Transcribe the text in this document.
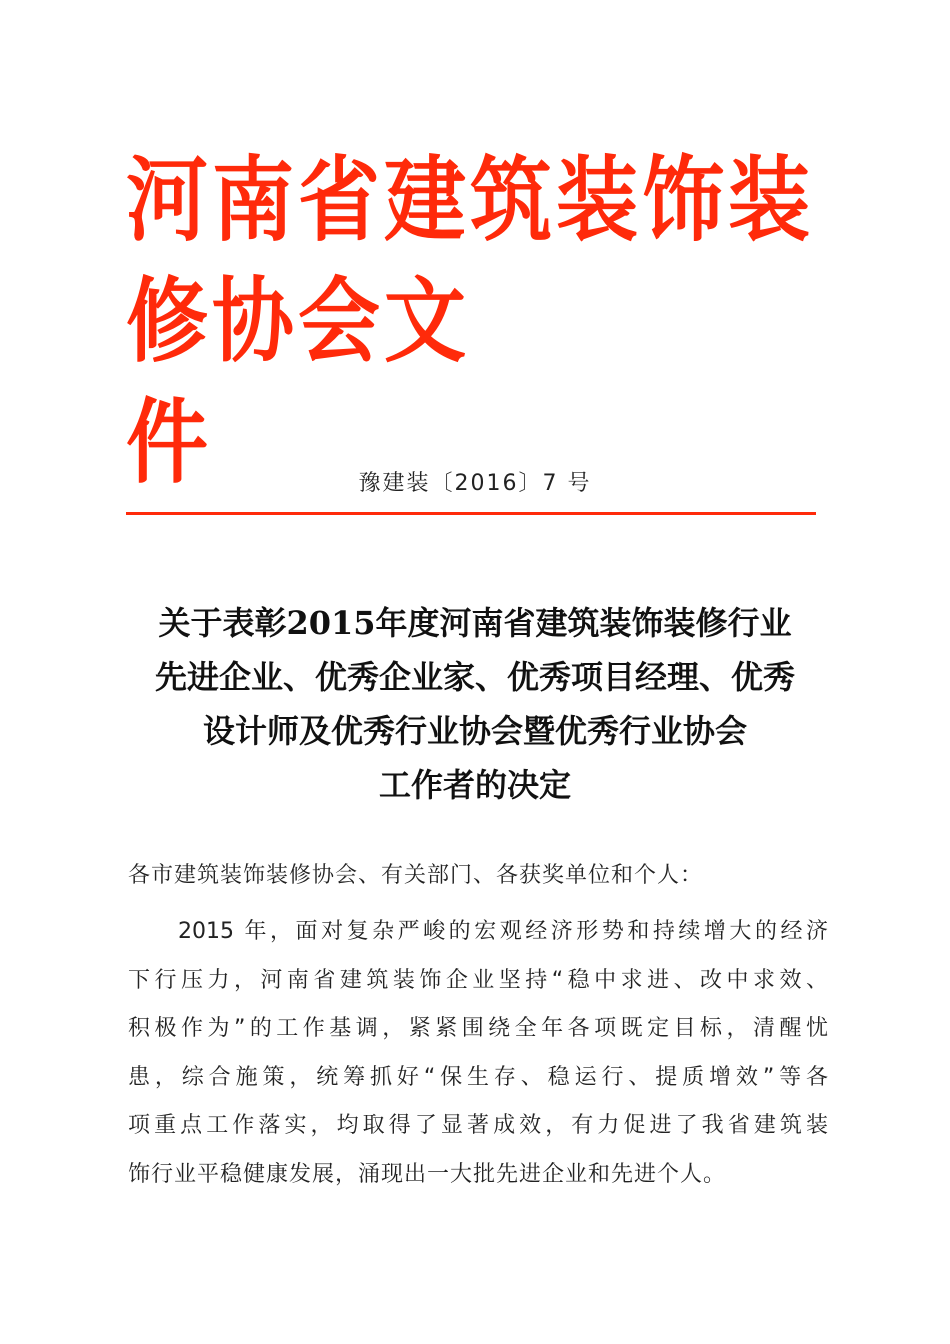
河南省建筑装饰装修协会文
件	豫建装〔2016〕7 号
关于表彰2015年度河南省建筑装饰装修行业
先进企业、优秀企业家、优秀项目经理、优秀
设计师及优秀行业协会暨优秀行业协会
工作者的决定
各市建筑装饰装修协会、有关部门、各获奖单位和个人：
2015 年，面对复杂严峻的宏观经济形势和持续增大的经济
下行压力，河南省建筑装饰企业坚持“稳中求进、改中求效、
积极作为”的工作基调，紧紧围绕全年各项既定目标，清醒忧
患，综合施策，统筹抓好“保生存、稳运行、提质增效”等各
项重点工作落实，均取得了显著成效，有力促进了我省建筑装
饰行业平稳健康发展，涌现出一大批先进企业和先进个人。
